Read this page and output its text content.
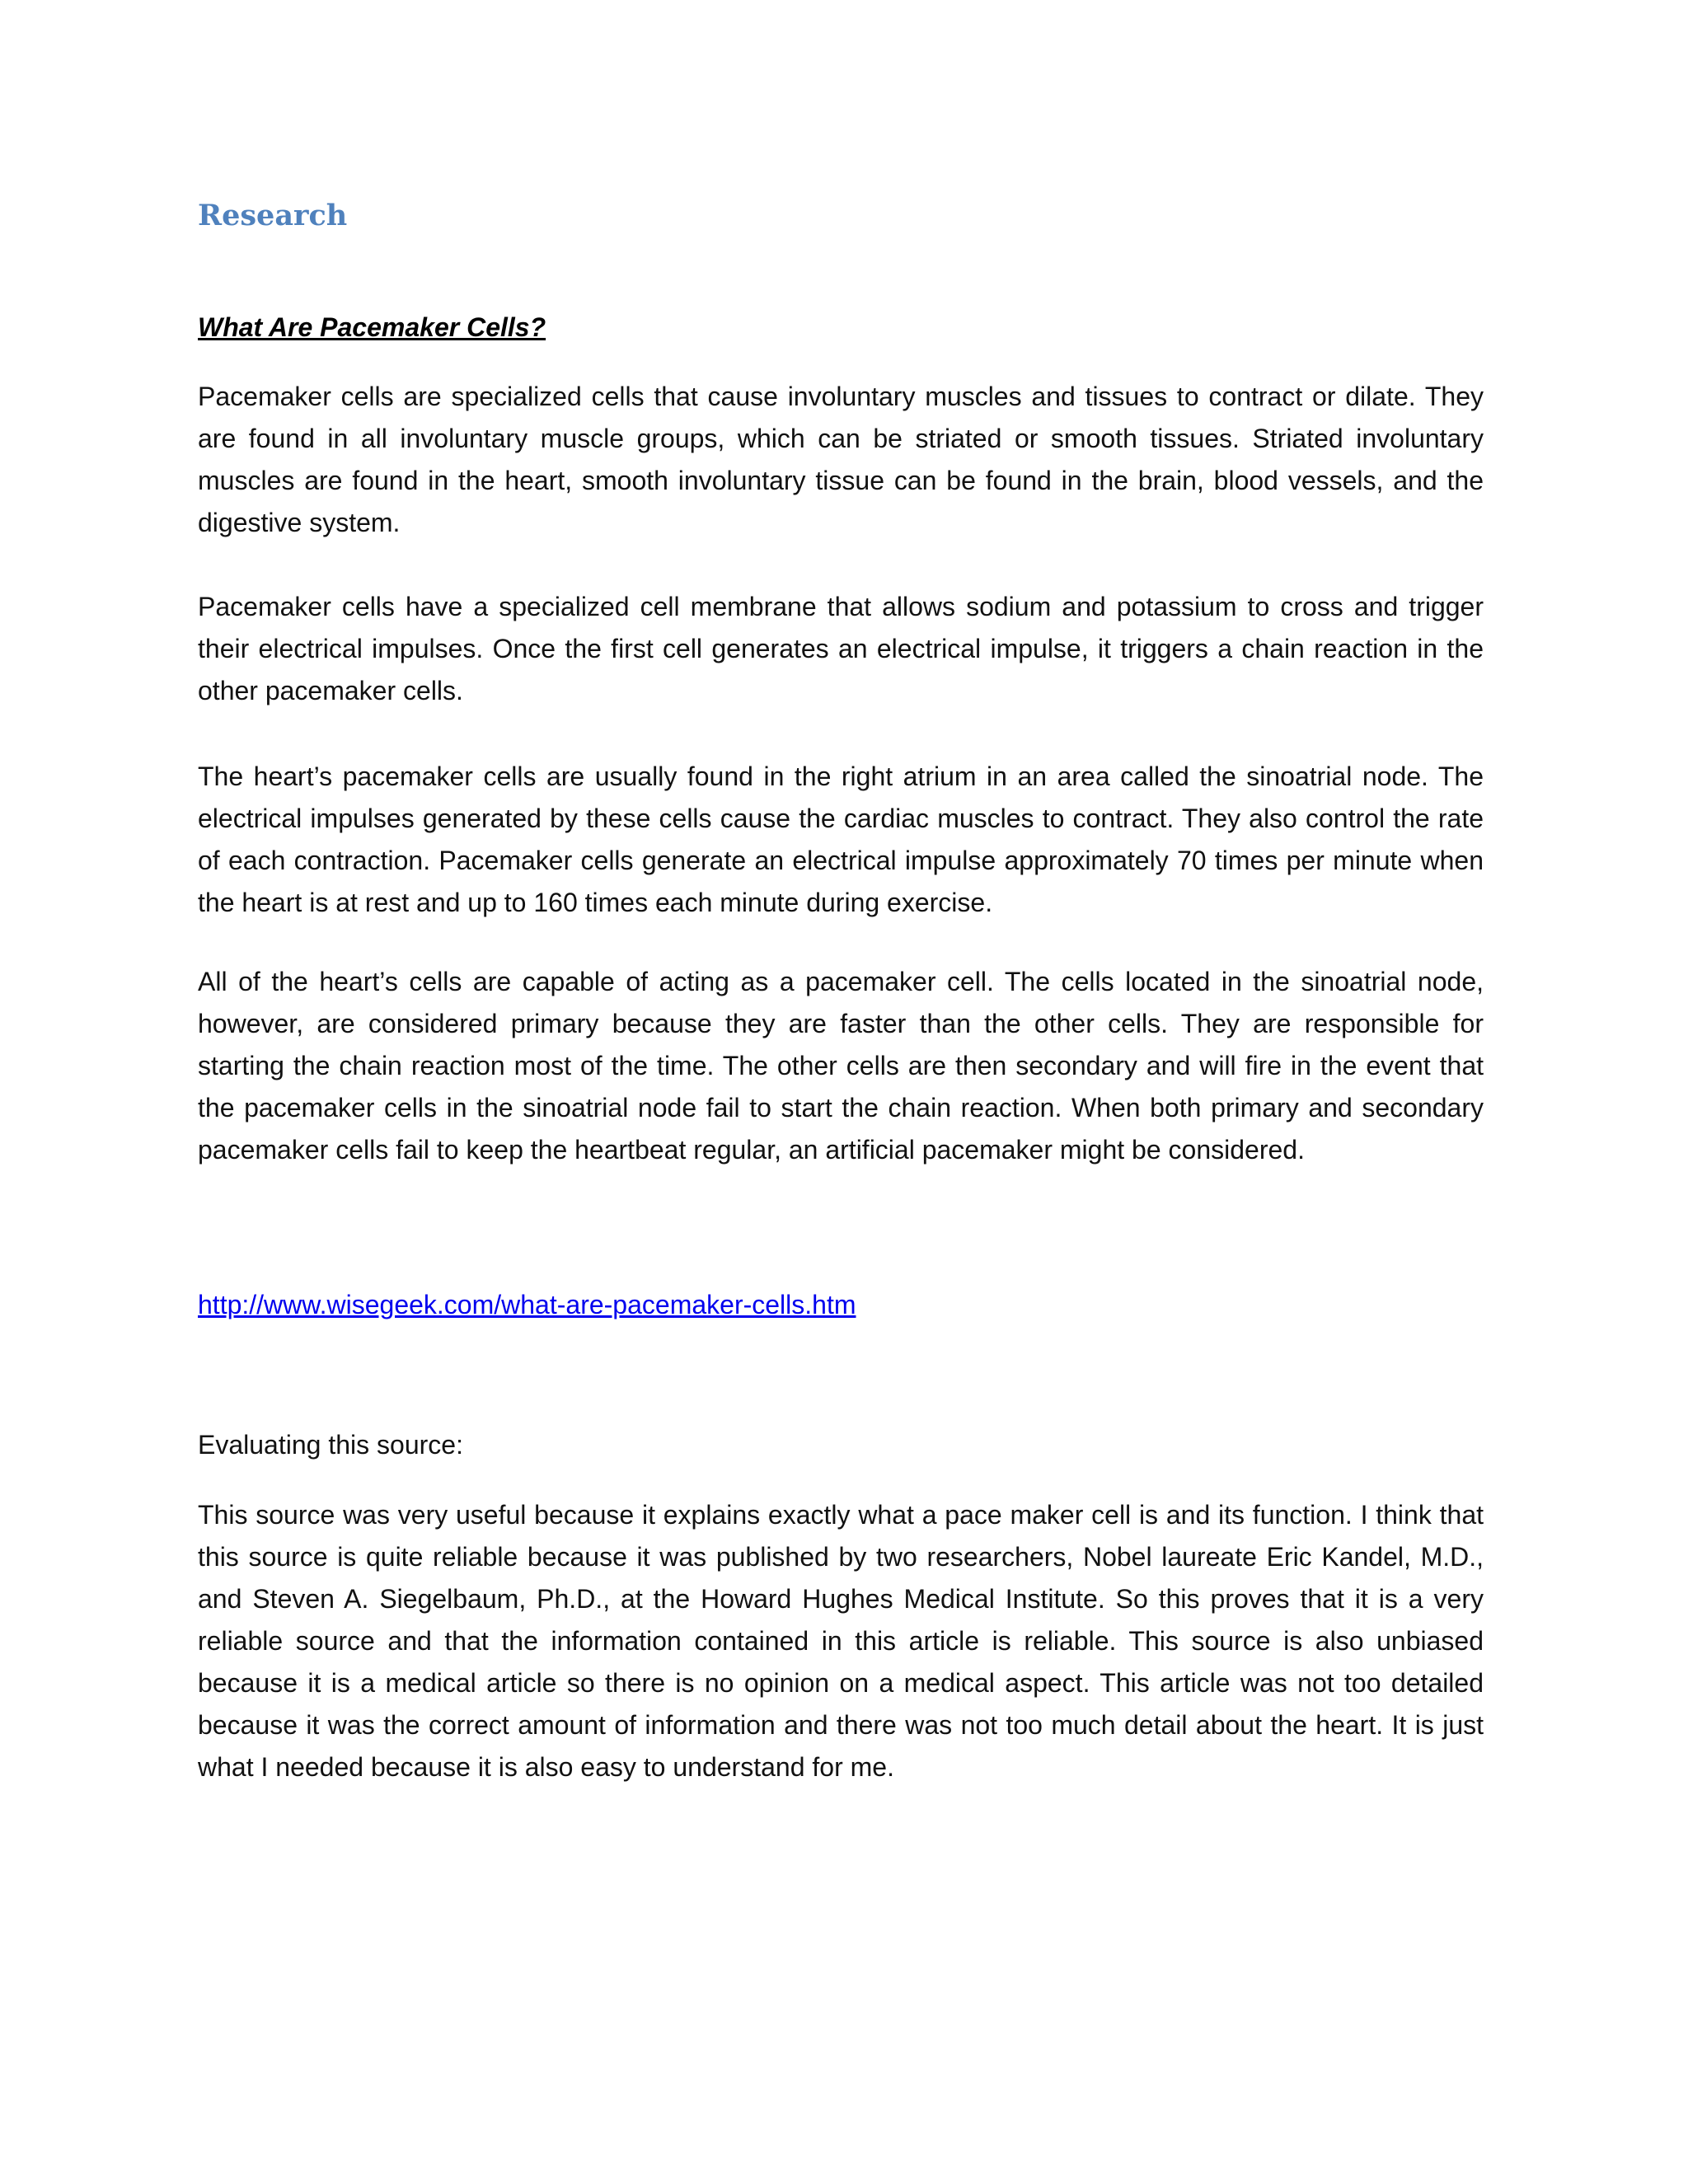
Research
What Are Pacemaker Cells?

Pacemaker cells are specialized cells that cause involuntary muscles and tissues to contract or dilate. They are found in all involuntary muscle groups, which can be striated or smooth tissues. Striated involuntary muscles are found in the heart, smooth involuntary tissue can be found in the brain, blood vessels, and the digestive system.

Pacemaker cells have a specialized cell membrane that allows sodium and potassium to cross and trigger their electrical impulses. Once the first cell generates an electrical impulse, it triggers a chain reaction in the other pacemaker cells.

The heart’s pacemaker cells are usually found in the right atrium in an area called the sinoatrial node. The electrical impulses generated by these cells cause the cardiac muscles to contract. They also control the rate of each contraction. Pacemaker cells generate an electrical impulse approximately 70 times per minute when the heart is at rest and up to 160 times each minute during exercise.

All of the heart’s cells are capable of acting as a pacemaker cell. The cells located in the sinoatrial node, however, are considered primary because they are faster than the other cells. They are responsible for starting the chain reaction most of the time. The other cells are then secondary and will fire in the event that the pacemaker cells in the sinoatrial node fail to start the chain reaction. When both primary and secondary pacemaker cells fail to keep the heartbeat regular, an artificial pacemaker might be considered.

http://www.wisegeek.com/what-are-pacemaker-cells.htm

Evaluating this source:

This source was very useful because it explains exactly what a pace maker cell is and its function. I think that this source is quite reliable because it was published by two researchers, Nobel laureate Eric Kandel, M.D., and Steven A. Siegelbaum, Ph.D., at the Howard Hughes Medical Institute. So this proves that it is a very reliable source and that the information contained in this article is reliable. This source is also unbiased because it is a medical article so there is no opinion on a medical aspect. This article was not too detailed because it was the correct amount of information and there was not too much detail about the heart. It is just what I needed because it is also easy to understand for me.
